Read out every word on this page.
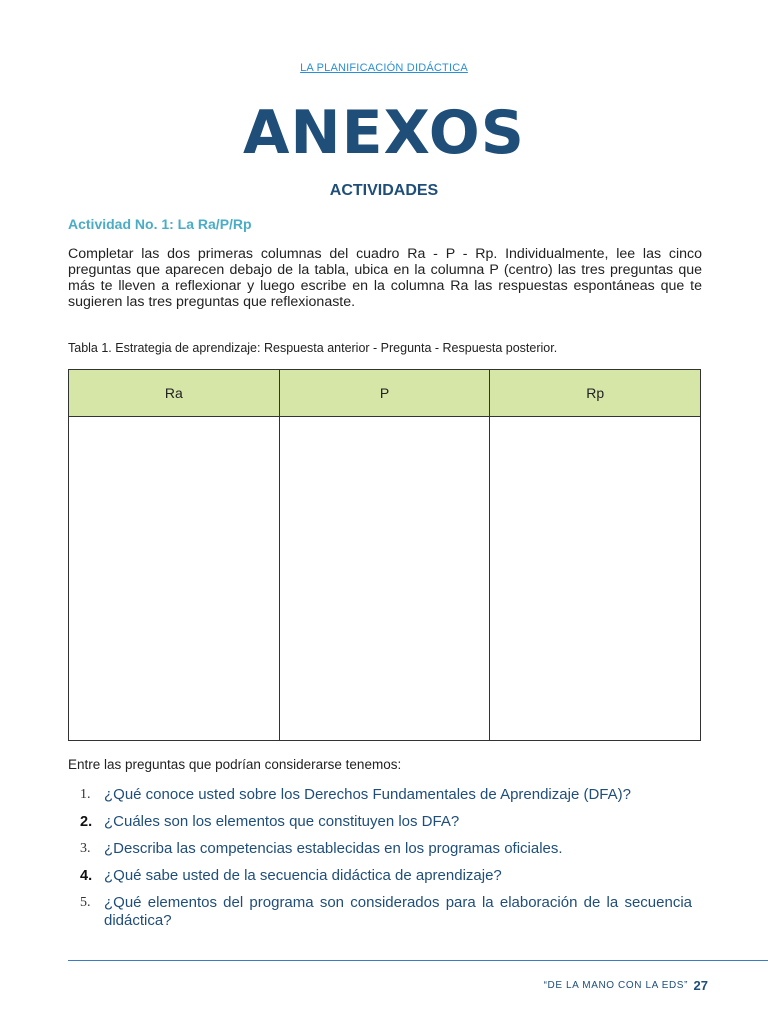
LA PLANIFICACIÓN DIDÁCTICA
ANEXOS
ACTIVIDADES
Actividad No. 1: La Ra/P/Rp
Completar las dos primeras columnas del cuadro Ra - P - Rp. Individualmente, lee las cinco preguntas que aparecen debajo de la tabla, ubica en la columna P (centro) las tres preguntas que más te lleven a reflexionar y luego escribe en la columna Ra las respuestas espontáneas que te sugieren las tres preguntas que reflexionaste.
Tabla 1. Estrategia de aprendizaje: Respuesta anterior - Pregunta - Respuesta posterior.
Ra	P	Rp

Entre las preguntas que podrían considerarse tenemos:
1. ¿Qué conoce usted sobre los Derechos Fundamentales de Aprendizaje (DFA)?
2. ¿Cuáles son los elementos que constituyen los DFA?
3. ¿Describa las competencias establecidas en los programas oficiales.
4. ¿Qué sabe usted de la secuencia didáctica de aprendizaje?
5. ¿Qué elementos del programa son considerados para la elaboración de la secuencia didáctica?
“DE LA MANO CON LA EDS” 27
